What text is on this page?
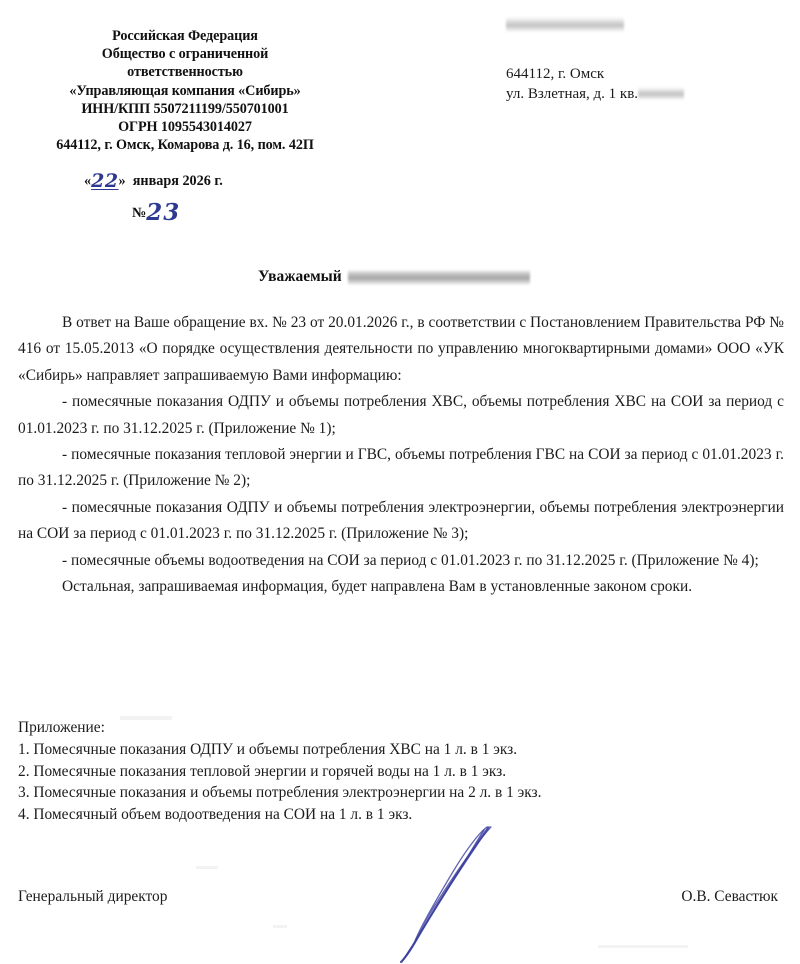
Российская Федерация
Общество с ограниченной
ответственностью
«Управляющая компания «Сибирь»
ИНН/КПП 5507211199/550701001
ОГРН 1095543014027
644112, г. Омск, Комарова д. 16, пом. 42П
«22» января 2026 г.
№23
644112, г. Омск
ул. Взлетная, д. 1 кв.
Уважаемый

В ответ на Ваше обращение вх. № 23 от 20.01.2026 г., в соответствии с Постановлением Правительства РФ № 416 от 15.05.2013 «О порядке осуществления деятельности по управлению многоквартирными домами» ООО «УК «Сибирь» направляет запрашиваемую Вами информацию:

- помесячные показания ОДПУ и объемы потребления ХВС, объемы потребления ХВС на СОИ за период с 01.01.2023 г. по 31.12.2025 г. (Приложение № 1);

- помесячные показания тепловой энергии и ГВС, объемы потребления ГВС на СОИ за период с 01.01.2023 г. по 31.12.2025 г. (Приложение № 2);

- помесячные показания ОДПУ и объемы потребления электроэнергии, объемы потребления электроэнергии на СОИ за период с 01.01.2023 г. по 31.12.2025 г. (Приложение № 3);

- помесячные объемы водоотведения на СОИ за период с 01.01.2023 г. по 31.12.2025 г. (Приложение № 4);

Остальная, запрашиваемая информация, будет направлена Вам в установленные законом сроки.

Приложение:

1. Помесячные показания ОДПУ и объемы потребления ХВС на 1 л. в 1 экз.

2. Помесячные показания тепловой энергии и горячей воды на 1 л. в 1 экз.

3. Помесячные показания и объемы потребления электроэнергии на 2 л. в 1 экз.

4. Помесячный объем водоотведения на СОИ на 1 л. в 1 экз.

Генеральный директор	О.В. Севастюк
